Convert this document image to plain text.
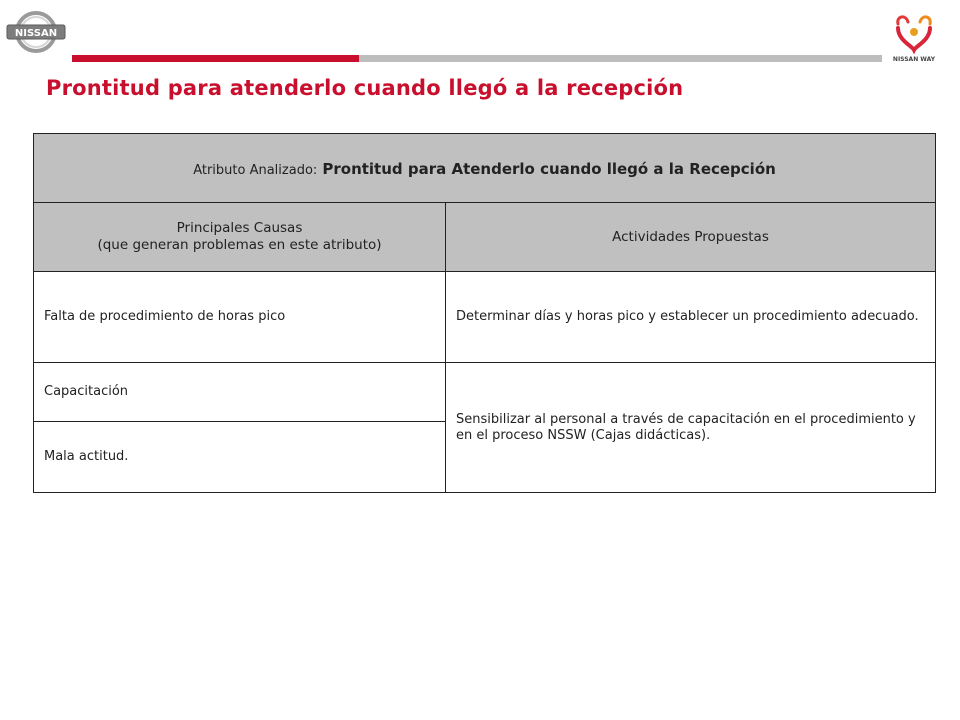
NISSAN
NISSAN WAY
Prontitud para atenderlo cuando llegó a la recepción
Atributo Analizado: Prontitud para Atenderlo cuando llegó a la Recepción	

Principales Causas
(que generan problemas en este atributo)	Actividades Propuestas
Falta de procedimiento de horas pico	Determinar días y horas pico y establecer un procedimiento adecuado.
Capacitación	Sensibilizar al personal a través de capacitación en el procedimiento y en el proceso NSSW (Cajas didácticas).
Mala actitud.	
